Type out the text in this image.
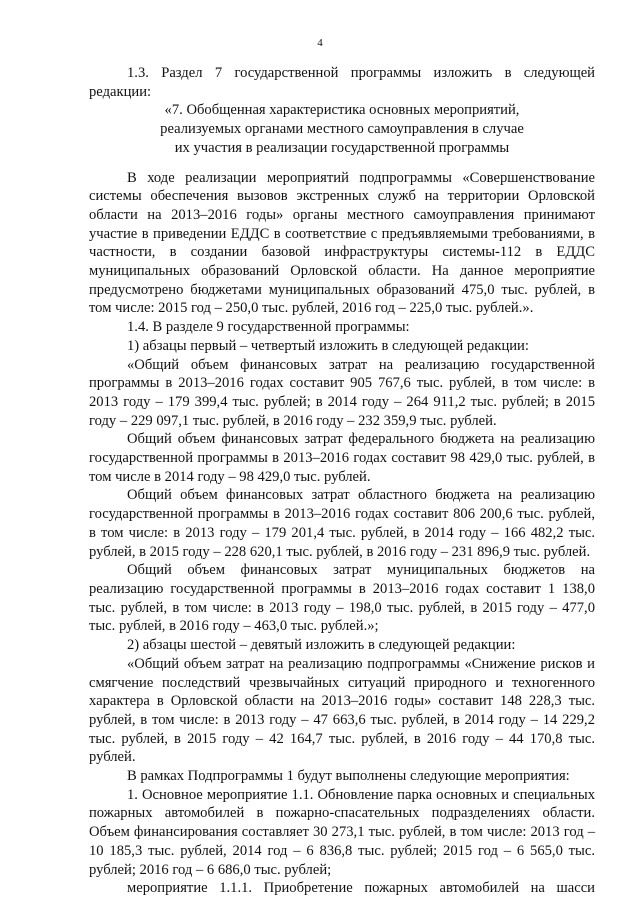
4

1.3. Раздел 7 государственной программы изложить в следующей редакции:

«7. Обобщенная характеристика основных мероприятий,

реализуемых органами местного самоуправления в случае

их участия в реализации государственной программы

В ходе реализации мероприятий подпрограммы «Совершенствование системы обеспечения вызовов экстренных служб на территории Орловской области на 2013–2016 годы» органы местного самоуправления принимают участие в приведении ЕДДС в соответствие с предъявляемыми требованиями, в частности, в создании базовой инфраструктуры системы-112 в ЕДДС муниципальных образований Орловской области. На данное мероприятие предусмотрено бюджетами муниципальных образований 475,0 тыс. рублей, в том числе: 2015 год – 250,0 тыс. рублей, 2016 год – 225,0 тыс. рублей.».

1.4. В разделе 9 государственной программы:

1) абзацы первый – четвертый изложить в следующей редакции:

«Общий объем финансовых затрат на реализацию государственной программы в 2013–2016 годах составит 905 767,6 тыс. рублей, в том числе: в 2013 году – 179 399,4 тыс. рублей; в 2014 году – 264 911,2 тыс. рублей; в 2015 году – 229 097,1 тыс. рублей, в 2016 году – 232 359,9 тыс. рублей.

Общий объем финансовых затрат федерального бюджета на реализацию государственной программы в 2013–2016 годах составит 98 429,0 тыс. рублей, в том числе в 2014 году – 98 429,0 тыс. рублей.

Общий объем финансовых затрат областного бюджета на реализацию государственной программы в 2013–2016 годах составит 806 200,6 тыс. рублей, в том числе: в 2013 году – 179 201,4 тыс. рублей, в 2014 году – 166 482,2 тыс. рублей, в 2015 году – 228 620,1 тыс. рублей, в 2016 году – 231 896,9 тыс. рублей.

Общий объем финансовых затрат муниципальных бюджетов на реализацию государственной программы в 2013–2016 годах составит 1 138,0 тыс. рублей, в том числе: в 2013 году – 198,0 тыс. рублей, в 2015 году – 477,0 тыс. рублей, в 2016 году – 463,0 тыс. рублей.»;

2) абзацы шестой – девятый изложить в следующей редакции:

«Общий объем затрат на реализацию подпрограммы «Снижение рисков и смягчение последствий чрезвычайных ситуаций природного и техногенного характера в Орловской области на 2013–2016 годы» составит 148 228,3 тыс. рублей, в том числе: в 2013 году – 47 663,6 тыс. рублей, в 2014 году – 14 229,2 тыс. рублей, в 2015 году – 42 164,7 тыс. рублей, в 2016 году – 44 170,8 тыс. рублей.

В рамках Подпрограммы 1 будут выполнены следующие мероприятия:

1. Основное мероприятие 1.1. Обновление парка основных и специальных пожарных автомобилей в пожарно-спасательных подразделениях области. Объем финансирования составляет 30 273,1 тыс. рублей, в том числе: 2013 год – 10 185,3 тыс. рублей, 2014 год – 6 836,8 тыс. рублей; 2015 год – 6 565,0 тыс. рублей; 2016 год – 6 686,0 тыс. рублей;

мероприятие 1.1.1. Приобретение пожарных автомобилей на шасси
